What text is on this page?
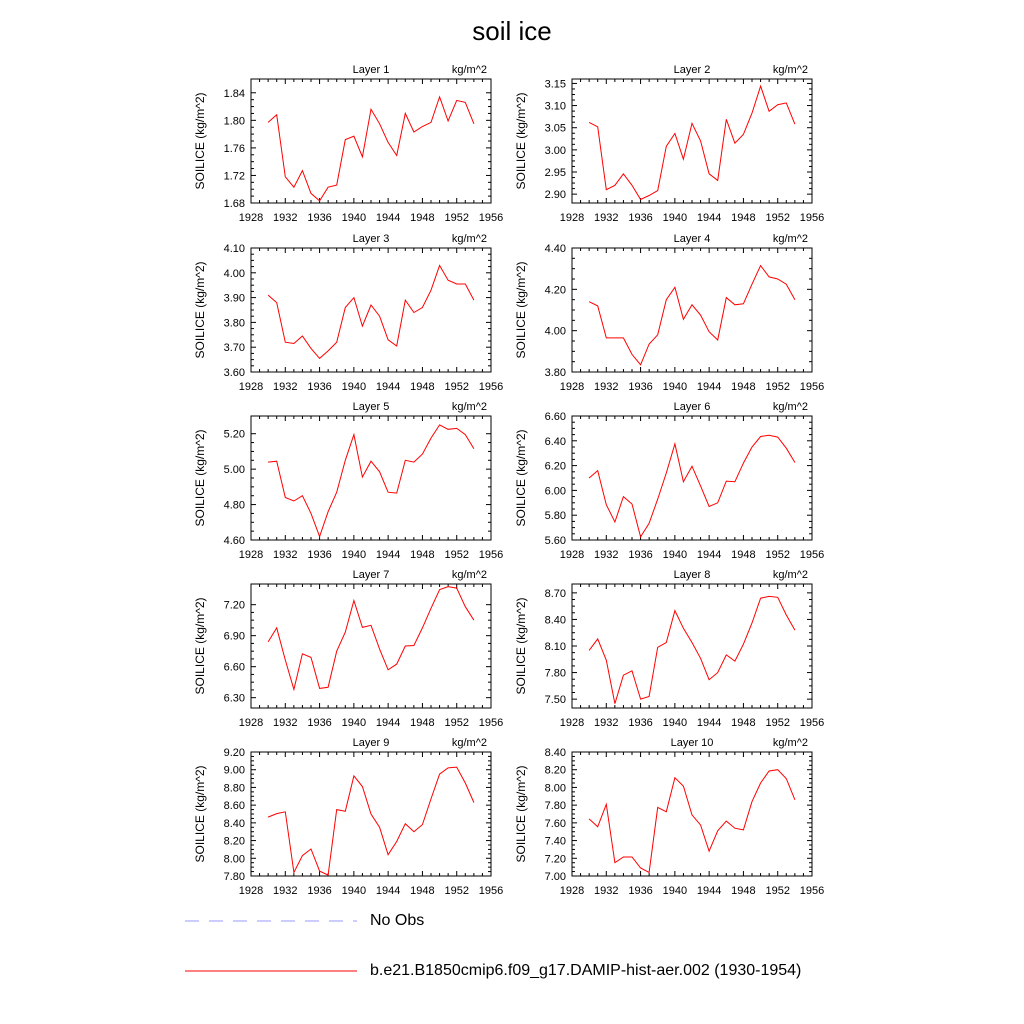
soil ice
1928 1932 1936 1940 1944 1948 1952 1956
1.68
1.72
1.76
1.80
1.84
Layer 1	kg/m^2
SOILICE (kg/m^2)
1928 1932 1936 1940 1944 1948 1952 1956
2.90
2.95
3.00
3.05
3.10
3.15
Layer 2	kg/m^2
SOILICE (kg/m^2)
1928 1932 1936 1940 1944 1948 1952 1956
3.60
3.70
3.80
3.90
4.00
4.10
Layer 3	kg/m^2
SOILICE (kg/m^2)
1928 1932 1936 1940 1944 1948 1952 1956
3.80
4.00
4.20
4.40
Layer 4	kg/m^2
SOILICE (kg/m^2)
1928 1932 1936 1940 1944 1948 1952 1956
4.60
4.80
5.00
5.20
Layer 5	kg/m^2
SOILICE (kg/m^2)
1928 1932 1936 1940 1944 1948 1952 1956
5.60
5.80
6.00
6.20
6.40
6.60
Layer 6	kg/m^2
SOILICE (kg/m^2)
1928 1932 1936 1940 1944 1948 1952 1956
6.30
6.60
6.90
7.20
Layer 7	kg/m^2
SOILICE (kg/m^2)
1928 1932 1936 1940 1944 1948 1952 1956
7.50
7.80
8.10
8.40
8.70
Layer 8	kg/m^2
SOILICE (kg/m^2)
1928 1932 1936 1940 1944 1948 1952 1956
7.80
8.00
8.20
8.40
8.60
8.80
9.00
9.20
Layer 9	kg/m^2
SOILICE (kg/m^2)
1928 1932 1936 1940 1944 1948 1952 1956
7.00
7.20
7.40
7.60
7.80
8.00
8.20
8.40
Layer 10	kg/m^2
SOILICE (kg/m^2)
No Obs
b.e21.B1850cmip6.f09_g17.DAMIP-hist-aer.002 (1930-1954)
